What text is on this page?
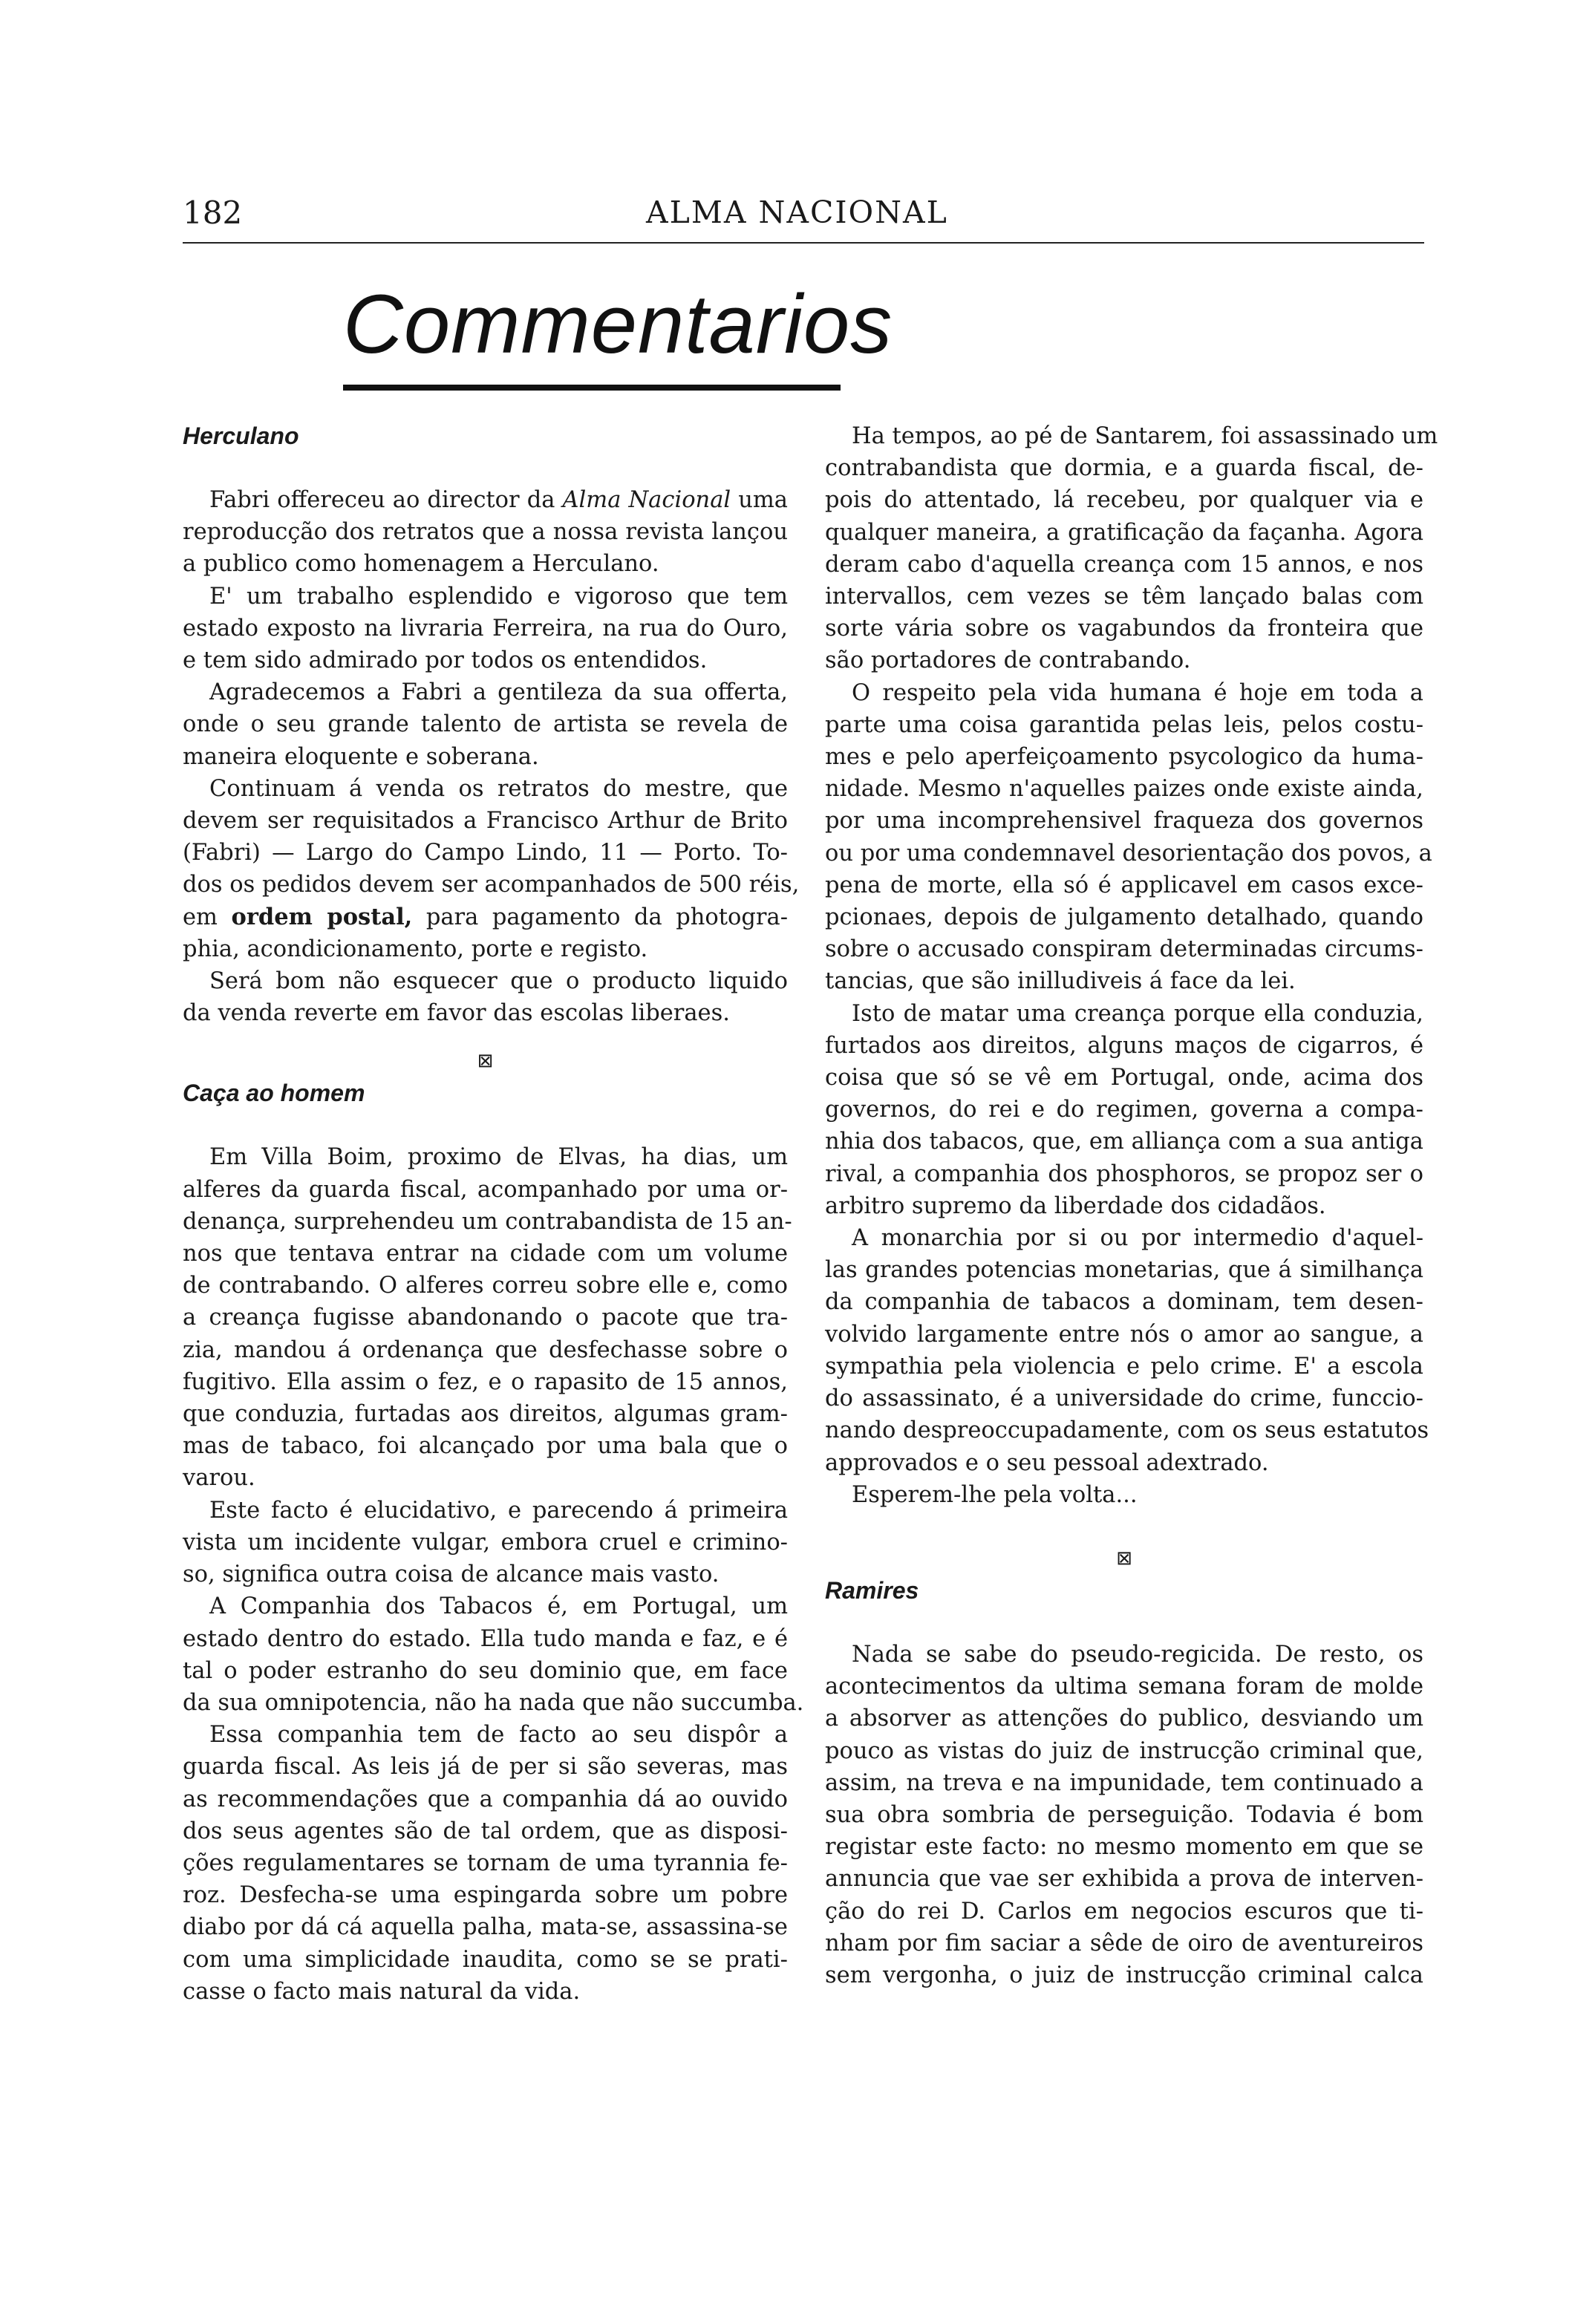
182	ALMA NACIONAL
Commentarios
Herculano
Fabri offereceu ao director da Alma Nacional uma
reproducção dos retratos que a nossa revista lançou
a publico como homenagem a Herculano.
E' um trabalho esplendido e vigoroso que tem
estado exposto na livraria Ferreira, na rua do Ouro,
e tem sido admirado por todos os entendidos.
Agradecemos a Fabri a gentileza da sua offerta,
onde o seu grande talento de artista se revela de
maneira eloquente e soberana.
Continuam á venda os retratos do mestre, que
devem ser requisitados a Francisco Arthur de Brito
(Fabri) — Largo do Campo Lindo, 11 — Porto. To-
dos os pedidos devem ser acompanhados de 500 réis,
em ordem postal, para pagamento da photogra-
phia, acondicionamento, porte e registo.
Será bom não esquecer que o producto liquido
da venda reverte em favor das escolas liberaes.
⊠
Caça ao homem
Em Villa Boim, proximo de Elvas, ha dias, um
alferes da guarda fiscal, acompanhado por uma or-
denança, surprehendeu um contrabandista de 15 an-
nos que tentava entrar na cidade com um volume
de contrabando. O alferes correu sobre elle e, como
a creança fugisse abandonando o pacote que tra-
zia, mandou á ordenança que desfechasse sobre o
fugitivo. Ella assim o fez, e o rapasito de 15 annos,
que conduzia, furtadas aos direitos, algumas gram-
mas de tabaco, foi alcançado por uma bala que o
varou.
Este facto é elucidativo, e parecendo á primeira
vista um incidente vulgar, embora cruel e crimino-
so, significa outra coisa de alcance mais vasto.
A Companhia dos Tabacos é, em Portugal, um
estado dentro do estado. Ella tudo manda e faz, e é
tal o poder estranho do seu dominio que, em face
da sua omnipotencia, não ha nada que não succumba.
Essa companhia tem de facto ao seu dispôr a
guarda fiscal. As leis já de per si são severas, mas
as recommendações que a companhia dá ao ouvido
dos seus agentes são de tal ordem, que as disposi-
ções regulamentares se tornam de uma tyrannia fe-
roz. Desfecha-se uma espingarda sobre um pobre
diabo por dá cá aquella palha, mata-se, assassina-se
com uma simplicidade inaudita, como se se prati-
casse o facto mais natural da vida.
Ha tempos, ao pé de Santarem, foi assassinado um
contrabandista que dormia, e a guarda fiscal, de-
pois do attentado, lá recebeu, por qualquer via e
qualquer maneira, a gratificação da façanha. Agora
deram cabo d'aquella creança com 15 annos, e nos
intervallos, cem vezes se têm lançado balas com
sorte vária sobre os vagabundos da fronteira que
são portadores de contrabando.
O respeito pela vida humana é hoje em toda a
parte uma coisa garantida pelas leis, pelos costu-
mes e pelo aperfeiçoamento psycologico da huma-
nidade. Mesmo n'aquelles paizes onde existe ainda,
por uma incomprehensivel fraqueza dos governos
ou por uma condemnavel desorientação dos povos, a
pena de morte, ella só é applicavel em casos exce-
pcionaes, depois de julgamento detalhado, quando
sobre o accusado conspiram determinadas circums-
tancias, que são inilludiveis á face da lei.
Isto de matar uma creança porque ella conduzia,
furtados aos direitos, alguns maços de cigarros, é
coisa que só se vê em Portugal, onde, acima dos
governos, do rei e do regimen, governa a compa-
nhia dos tabacos, que, em alliança com a sua antiga
rival, a companhia dos phosphoros, se propoz ser o
arbitro supremo da liberdade dos cidadãos.
A monarchia por si ou por intermedio d'aquel-
las grandes potencias monetarias, que á similhança
da companhia de tabacos a dominam, tem desen-
volvido largamente entre nós o amor ao sangue, a
sympathia pela violencia e pelo crime. E' a escola
do assassinato, é a universidade do crime, funccio-
nando despreoccupadamente, com os seus estatutos
approvados e o seu pessoal adextrado.
Esperem-lhe pela volta...
⊠
Ramires
Nada se sabe do pseudo-regicida. De resto, os
acontecimentos da ultima semana foram de molde
a absorver as attenções do publico, desviando um
pouco as vistas do juiz de instrucção criminal que,
assim, na treva e na impunidade, tem continuado a
sua obra sombria de perseguição. Todavia é bom
registar este facto: no mesmo momento em que se
annuncia que vae ser exhibida a prova de interven-
ção do rei D. Carlos em negocios escuros que ti-
nham por fim saciar a sêde de oiro de aventureiros
sem vergonha, o juiz de instrucção criminal calca
